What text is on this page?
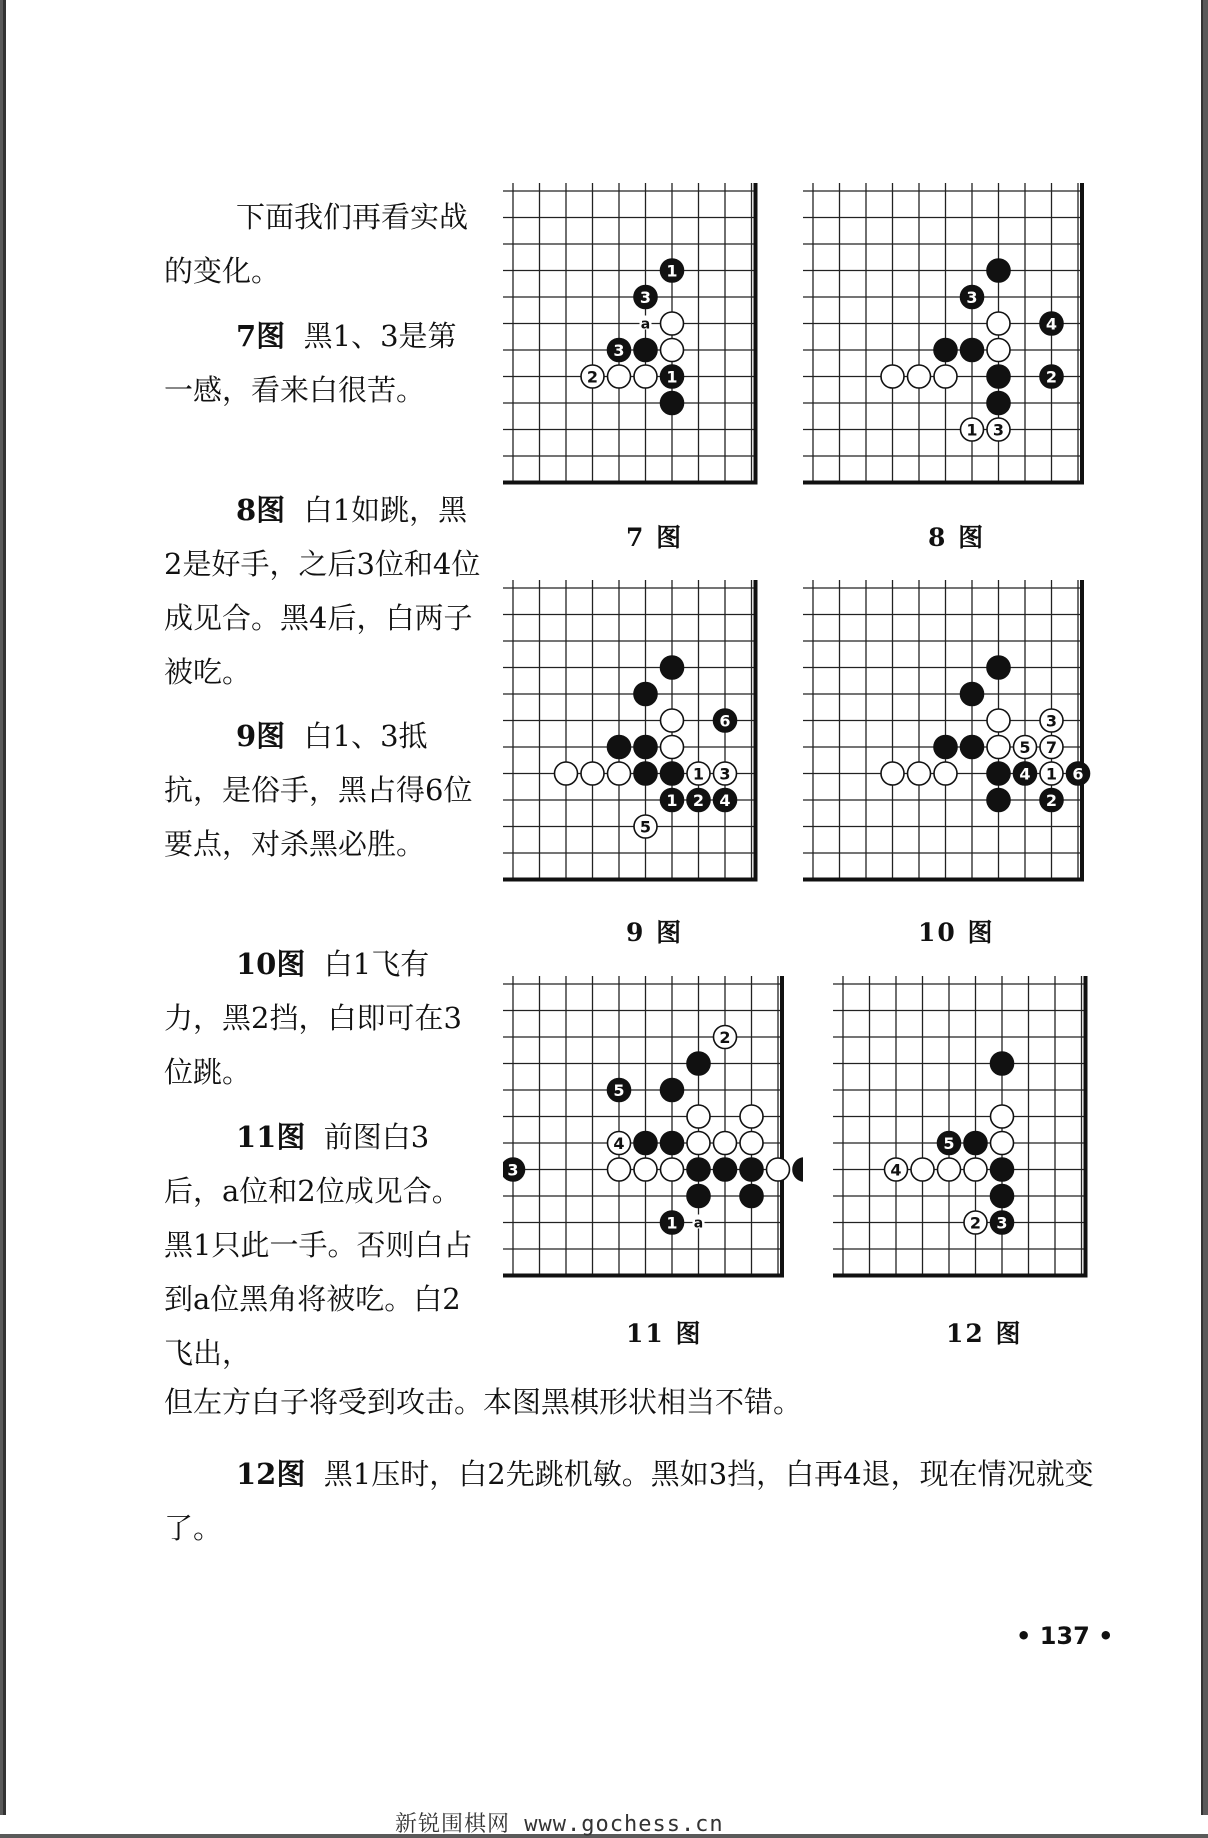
下面我们再看实战的变化。
7图 黑1、3是第一感，看来白很苦。
8图 白1如跳，黑2是好手，之后3位和4位成见合。黑4后，白两子被吃。
9图 白1、3抵抗，是俗手，黑占得6位要点，对杀黑必胜。
10图 白1飞有力，黑2挡，白即可在3位跳。
11图 前图白3后，a位和2位成见合。黑1只此一手。否则白占到a位黑角将被吃。白2飞出，
但左方白子将受到攻击。本图黑棋形状相当不错。
12图 黑1压时，白2先跳机敏。黑如3挡，白再4退，现在情况就变了。
1
3
3
2	1
a
3
4
2
1 3
6
1 3
1 2 4
5
3
5 7
4 1 6
2
2
5
4
3
1 a
5
4
2 3
7 图	8 图
9 图	10 图
11 图	12 图
• 137 •
新锐围棋网 www.gochess.cn
